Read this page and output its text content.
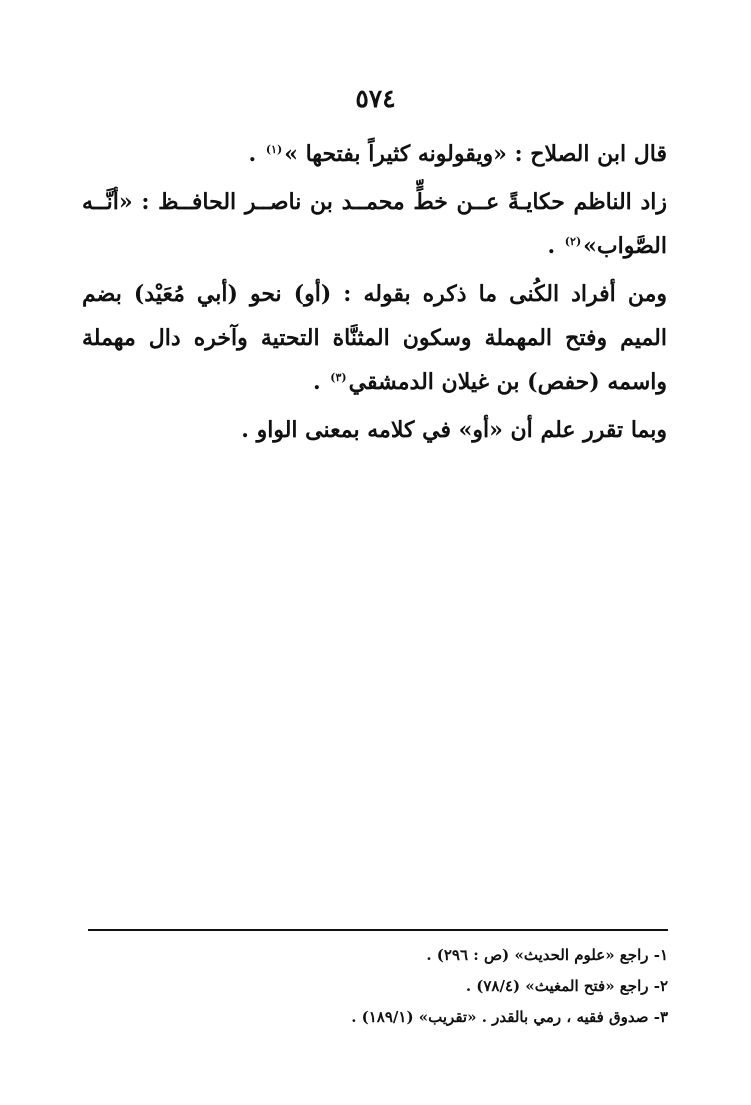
٥٧٤

قال ابن الصلاح : «ويقولونه كثيراً بفتحها »$^{(١)}$ .

زاد الناظم حكايـةً عــن خطٍّ محمــد بن ناصــر الحافــظ : «أنَّــه الصَّواب»$^{(٢)}$ .

ومن أفراد الكُنى ما ذكره بقوله : (أو) نحو (أبي مُعَيْد) بضم الميم وفتح المهملة وسكون المثنَّاة التحتية وآخره دال مهملة واسمه (حفص) بن غيلان الدمشقي$^{(٣)}$ .

وبما تقرر علم أن «أو» في كلامه بمعنى الواو .

١- راجع «علوم الحديث» (ص : ٢٩٦) .

٢- راجع «فتح المغيث» (٧٨/٤) .

٣- صدوق فقيه ، رمي بالقدر . «تقريب» (١٨٩/١) .
